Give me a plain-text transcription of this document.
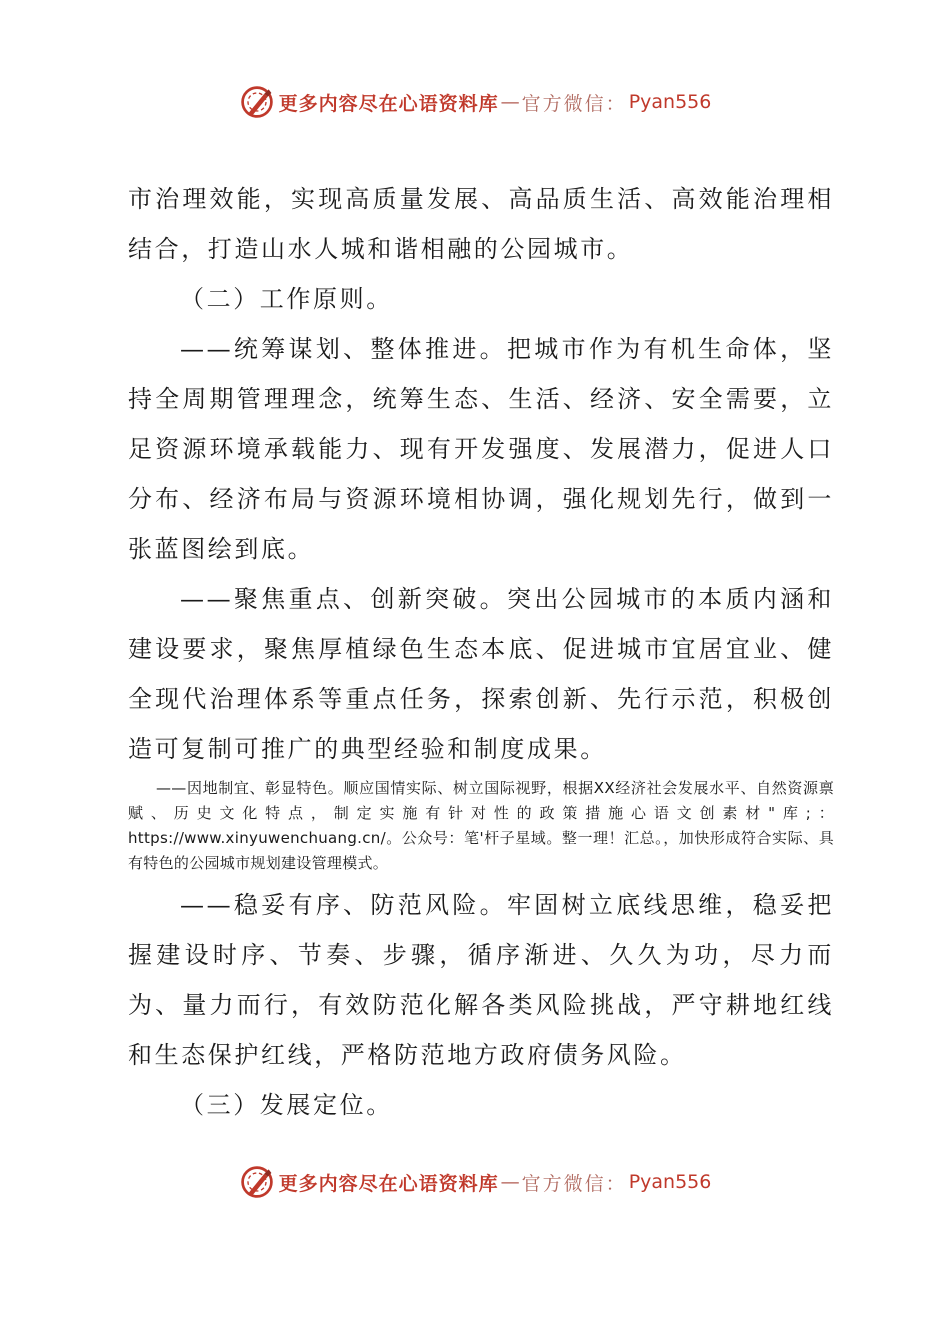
更多内容尽在心语资料库 — 官方微信： Pyan556

市治理效能，实现高质量发展、高品质生活、高效能治理相结合，打造山水人城和谐相融的公园城市。

（二）工作原则。

——统筹谋划、整体推进。把城市作为有机生命体，坚持全周期管理理念，统筹生态、生活、经济、安全需要，立足资源环境承载能力、现有开发强度、发展潜力，促进人口分布、经济布局与资源环境相协调，强化规划先行，做到一张蓝图绘到底。

——聚焦重点、创新突破。突出公园城市的本质内涵和建设要求，聚焦厚植绿色生态本底、促进城市宜居宜业、健全现代治理体系等重点任务，探索创新、先行示范，积极创造可复制可推广的典型经验和制度成果。

——因地制宜、彰显特色。顺应国情实际、树立国际视野，根据XX经济社会发展水平、自然资源禀赋、历史文化特点，制定实施有针对性的政策措施心语文创素材"库;：https://www.xinyuwenchuang.cn/。公众号：笔'杆子星域。整一理！汇总。，加快形成符合实际、具有特色的公园城市规划建设管理模式。

——稳妥有序、防范风险。牢固树立底线思维，稳妥把握建设时序、节奏、步骤，循序渐进、久久为功，尽力而为、量力而行，有效防范化解各类风险挑战，严守耕地红线和生态保护红线，严格防范地方政府债务风险。

（三）发展定位。

更多内容尽在心语资料库 — 官方微信： Pyan556
